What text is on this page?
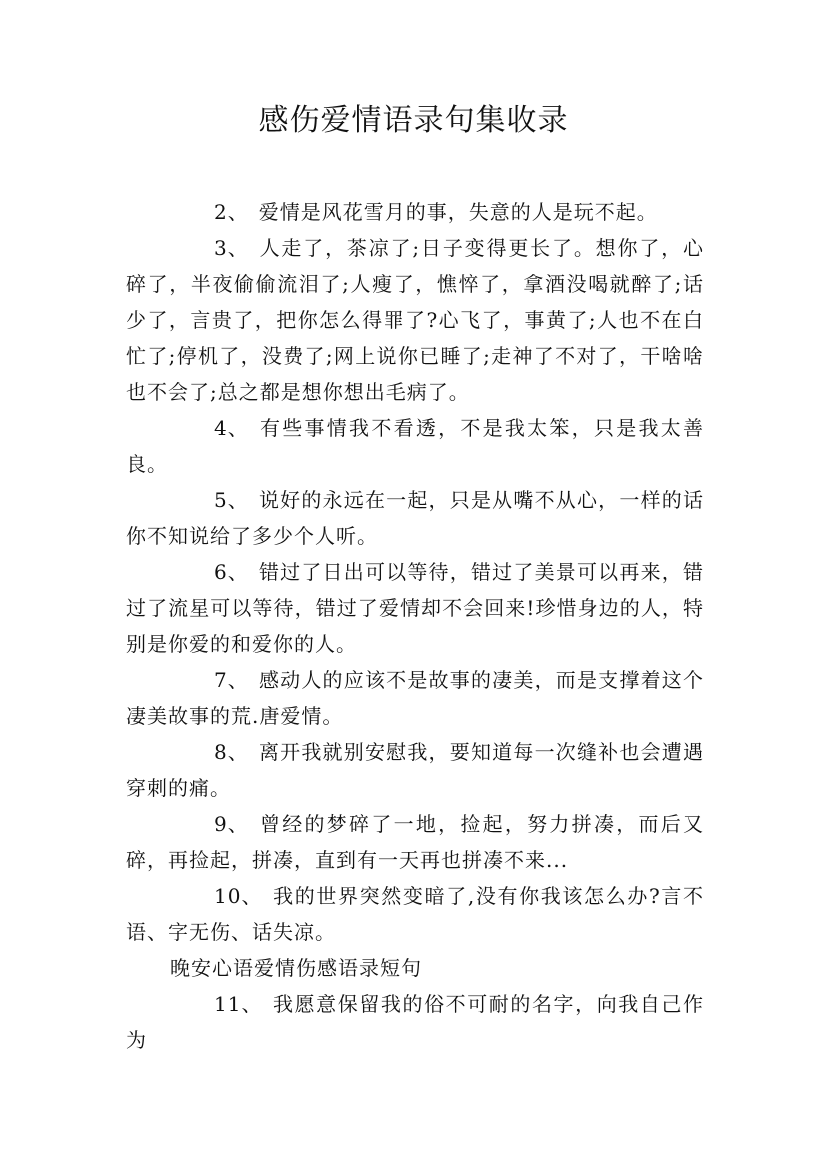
感伤爱情语录句集收录

2、 爱情是风花雪月的事，失意的人是玩不起。

3、 人走了，茶凉了;日子变得更长了。想你了，心碎了，半夜偷偷流泪了;人瘦了，憔悴了，拿酒没喝就醉了;话少了，言贵了，把你怎么得罪了?心飞了，事黄了;人也不在白忙了;停机了，没费了;网上说你已睡了;走神了不对了，干啥啥也不会了;总之都是想你想出毛病了。

4、 有些事情我不看透，不是我太笨，只是我太善良。

5、 说好的永远在一起，只是从嘴不从心，一样的话你不知说给了多少个人听。

6、 错过了日出可以等待，错过了美景可以再来，错过了流星可以等待，错过了爱情却不会回来!珍惜身边的人，特别是你爱的和爱你的人。

7、 感动人的应该不是故事的凄美，而是支撑着这个凄美故事的荒.唐爱情。

8、 离开我就别安慰我，要知道每一次缝补也会遭遇穿刺的痛。

9、 曾经的梦碎了一地，捡起，努力拼凑，而后又碎，再捡起，拼凑，直到有一天再也拼凑不来...

10、 我的世界突然变暗了,没有你我该怎么办?言不语、字无伤、话失凉。

晚安心语爱情伤感语录短句

11、 我愿意保留我的俗不可耐的名字，向我自己作为
